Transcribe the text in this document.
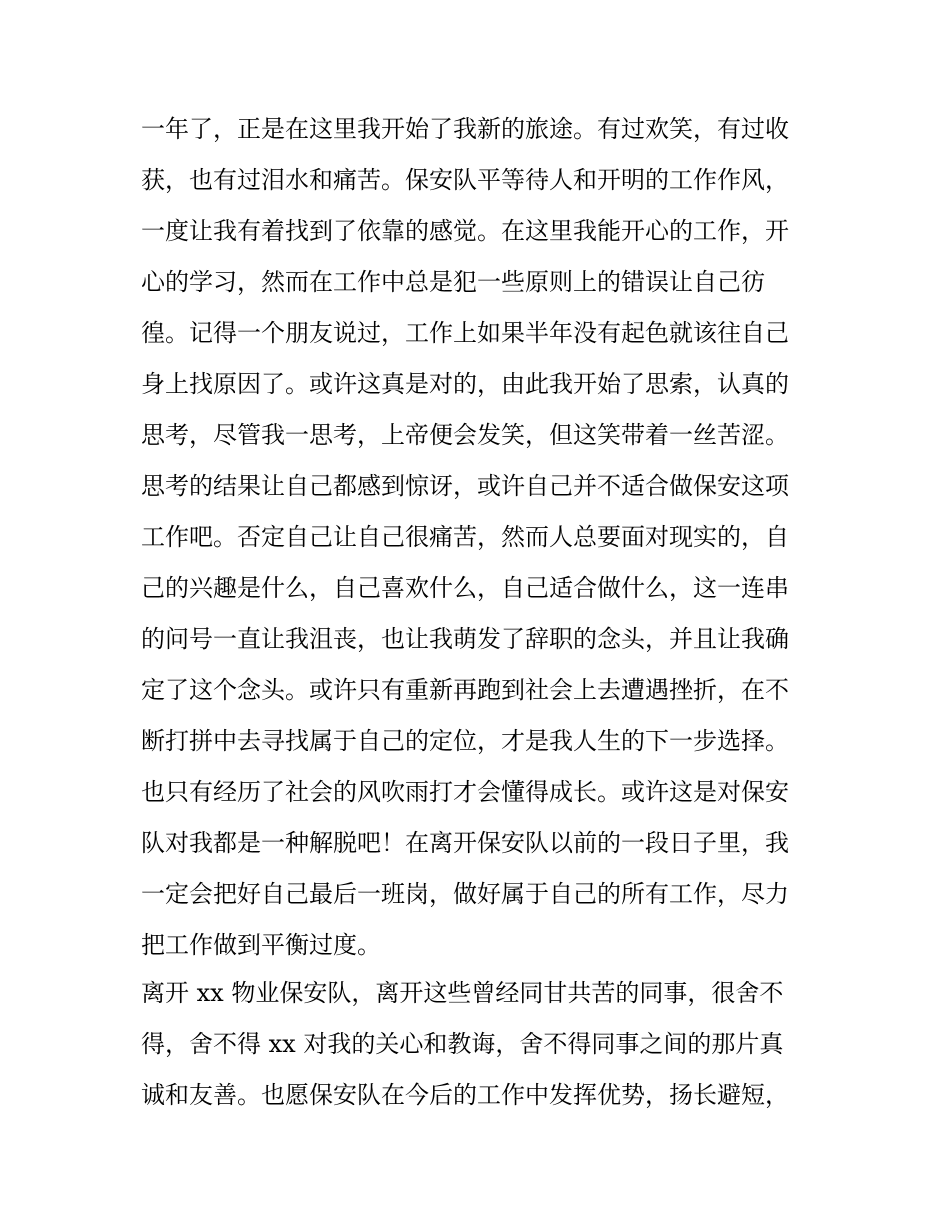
一年了，正是在这里我开始了我新的旅途。有过欢笑，有过收
获，也有过泪水和痛苦。保安队平等待人和开明的工作作风，
一度让我有着找到了依靠的感觉。在这里我能开心的工作，开
心的学习，然而在工作中总是犯一些原则上的错误让自己彷
徨。记得一个朋友说过，工作上如果半年没有起色就该往自己
身上找原因了。或许这真是对的，由此我开始了思索，认真的
思考，尽管我一思考，上帝便会发笑，但这笑带着一丝苦涩。
思考的结果让自己都感到惊讶，或许自己并不适合做保安这项
工作吧。否定自己让自己很痛苦，然而人总要面对现实的，自
己的兴趣是什么，自己喜欢什么，自己适合做什么，这一连串
的问号一直让我沮丧，也让我萌发了辞职的念头，并且让我确
定了这个念头。或许只有重新再跑到社会上去遭遇挫折，在不
断打拼中去寻找属于自己的定位，才是我人生的下一步选择。
也只有经历了社会的风吹雨打才会懂得成长。或许这是对保安
队对我都是一种解脱吧！在离开保安队以前的一段日子里，我
一定会把好自己最后一班岗，做好属于自己的所有工作，尽力
把工作做到平衡过度。
离开 xx 物业保安队，离开这些曾经同甘共苦的同事，很舍不
得，舍不得 xx 对我的关心和教诲，舍不得同事之间的那片真
诚和友善。也愿保安队在今后的工作中发挥优势，扬长避短，
